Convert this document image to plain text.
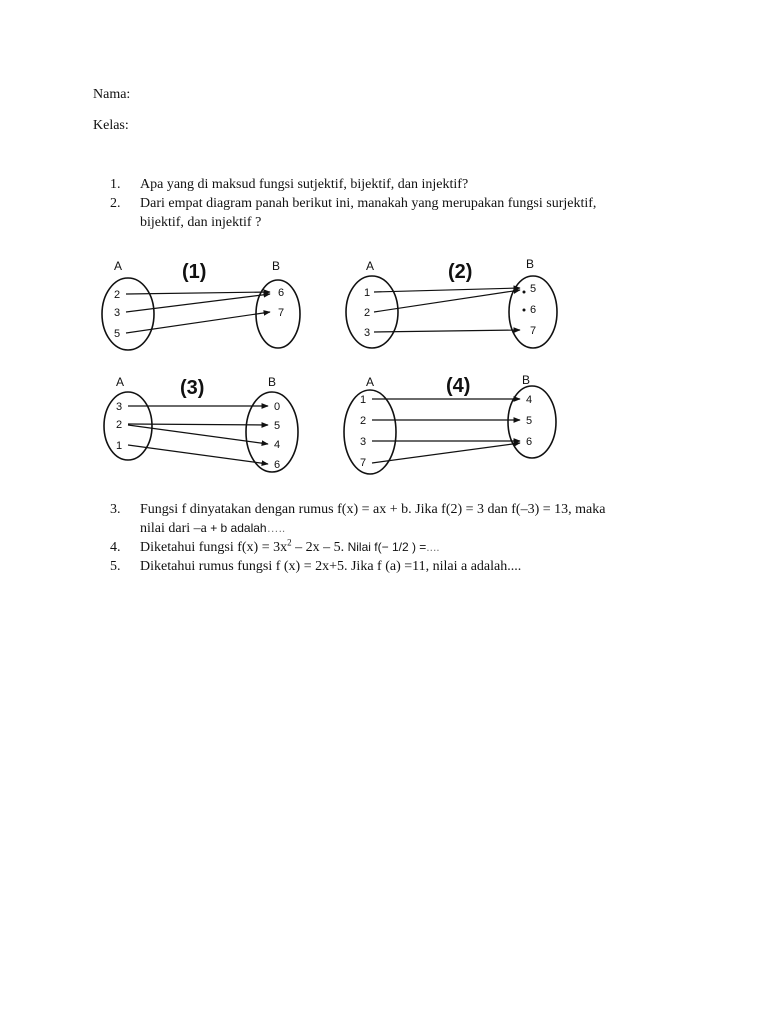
Nama:
Kelas:
1. Apa yang di maksud fungsi sutjektif, bijektif, dan injektif?
2. Dari empat diagram panah berikut ini, manakah yang merupakan fungsi surjektif,
bijektif, dan injektif ?
A	B
(1)
2
3
5
6
7
A	B
(2)
1
2
3
5
6
7
A	B
(3)
3
2
1
0
5
4
6
A	B
(4)
1
2
3
7
4
5
6
3. Fungsi f dinyatakan dengan rumus f(x) = ax + b. Jika f(2) = 3 dan f(–3) = 13, maka
nilai dari –a + b adalah…..
4. Diketahui fungsi $f(x) = 3x^2 - 2x - 5$. Nilai f(− 1/2 ) =....
5. Diketahui rumus fungsi f (x) = 2x+5. Jika f (a) =11, nilai a adalah....
